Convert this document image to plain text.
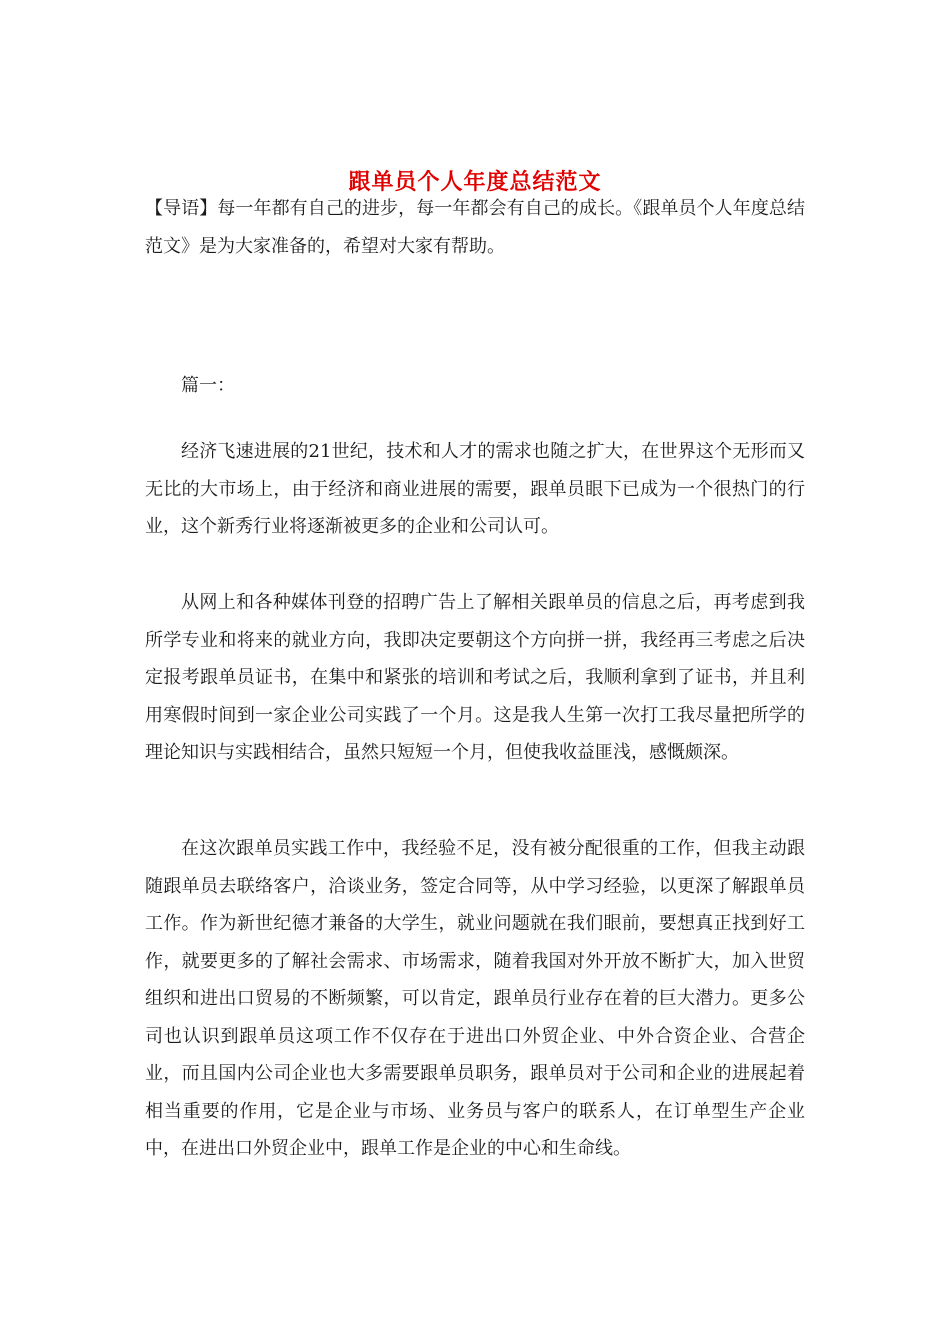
跟单员个人年度总结范文

【导语】每一年都有自己的进步，每一年都会有自己的成长。《跟单员个人年度总结范文》是为大家准备的，希望对大家有帮助。

篇一：

经济飞速进展的21世纪，技术和人才的需求也随之扩大，在世界这个无形而又无比的大市场上，由于经济和商业进展的需要，跟单员眼下已成为一个很热门的行业，这个新秀行业将逐渐被更多的企业和公司认可。

从网上和各种媒体刊登的招聘广告上了解相关跟单员的信息之后，再考虑到我所学专业和将来的就业方向，我即决定要朝这个方向拼一拼，我经再三考虑之后决定报考跟单员证书，在集中和紧张的培训和考试之后，我顺利拿到了证书，并且利用寒假时间到一家企业公司实践了一个月。这是我人生第一次打工我尽量把所学的理论知识与实践相结合，虽然只短短一个月，但使我收益匪浅，感慨颇深。

在这次跟单员实践工作中，我经验不足，没有被分配很重的工作，但我主动跟随跟单员去联络客户，洽谈业务，签定合同等，从中学习经验，以更深了解跟单员工作。作为新世纪德才兼备的大学生，就业问题就在我们眼前，要想真正找到好工作，就要更多的了解社会需求、市场需求，随着我国对外开放不断扩大，加入世贸组织和进出口贸易的不断频繁，可以肯定，跟单员行业存在着的巨大潜力。更多公司也认识到跟单员这项工作不仅存在于进出口外贸企业、中外合资企业、合营企业，而且国内公司企业也大多需要跟单员职务，跟单员对于公司和企业的进展起着相当重要的作用，它是企业与市场、业务员与客户的联系人，在订单型生产企业中，在进出口外贸企业中，跟单工作是企业的中心和生命线。
